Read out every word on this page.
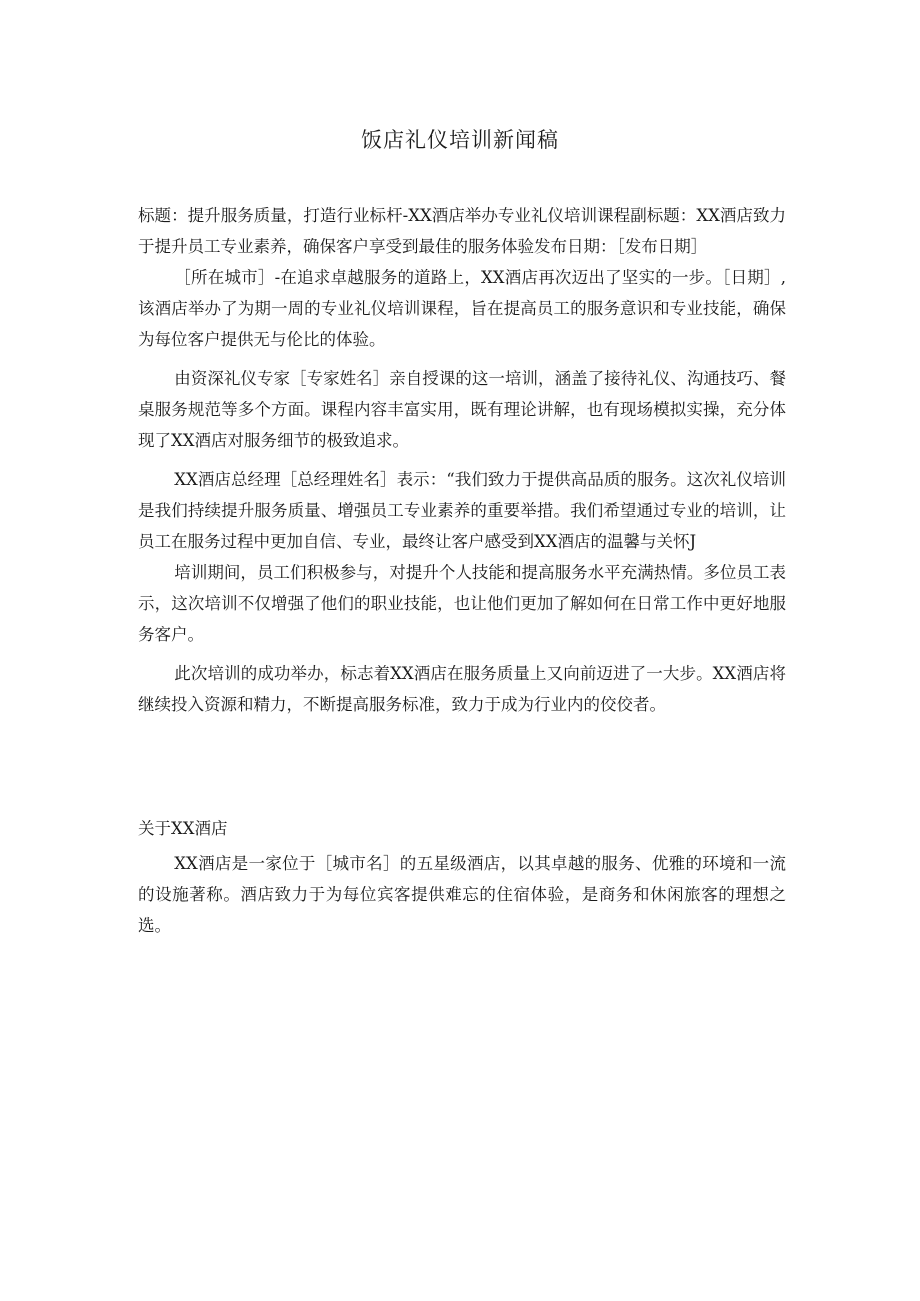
饭店礼仪培训新闻稿

标题：提升服务质量，打造行业标杆-XX酒店举办专业礼仪培训课程副标题：XX酒店致力于提升员工专业素养，确保客户享受到最佳的服务体验发布日期：［发布日期］

［所在城市］-在追求卓越服务的道路上，XX酒店再次迈出了坚实的一步。［日期］,该酒店举办了为期一周的专业礼仪培训课程，旨在提高员工的服务意识和专业技能，确保为每位客户提供无与伦比的体验。

由资深礼仪专家［专家姓名］亲自授课的这一培训，涵盖了接待礼仪、沟通技巧、餐桌服务规范等多个方面。课程内容丰富实用，既有理论讲解，也有现场模拟实操，充分体现了XX酒店对服务细节的极致追求。

XX酒店总经理［总经理姓名］表示：“我们致力于提供高品质的服务。这次礼仪培训是我们持续提升服务质量、增强员工专业素养的重要举措。我们希望通过专业的培训，让员工在服务过程中更加自信、专业，最终让客户感受到XX酒店的温馨与关怀J

培训期间，员工们积极参与，对提升个人技能和提高服务水平充满热情。多位员工表示，这次培训不仅增强了他们的职业技能，也让他们更加了解如何在日常工作中更好地服务客户。

此次培训的成功举办，标志着XX酒店在服务质量上又向前迈进了一大步。XX酒店将继续投入资源和精力，不断提高服务标准，致力于成为行业内的佼佼者。

关于XX酒店

XX酒店是一家位于［城市名］的五星级酒店，以其卓越的服务、优雅的环境和一流的设施著称。酒店致力于为每位宾客提供难忘的住宿体验，是商务和休闲旅客的理想之选。
